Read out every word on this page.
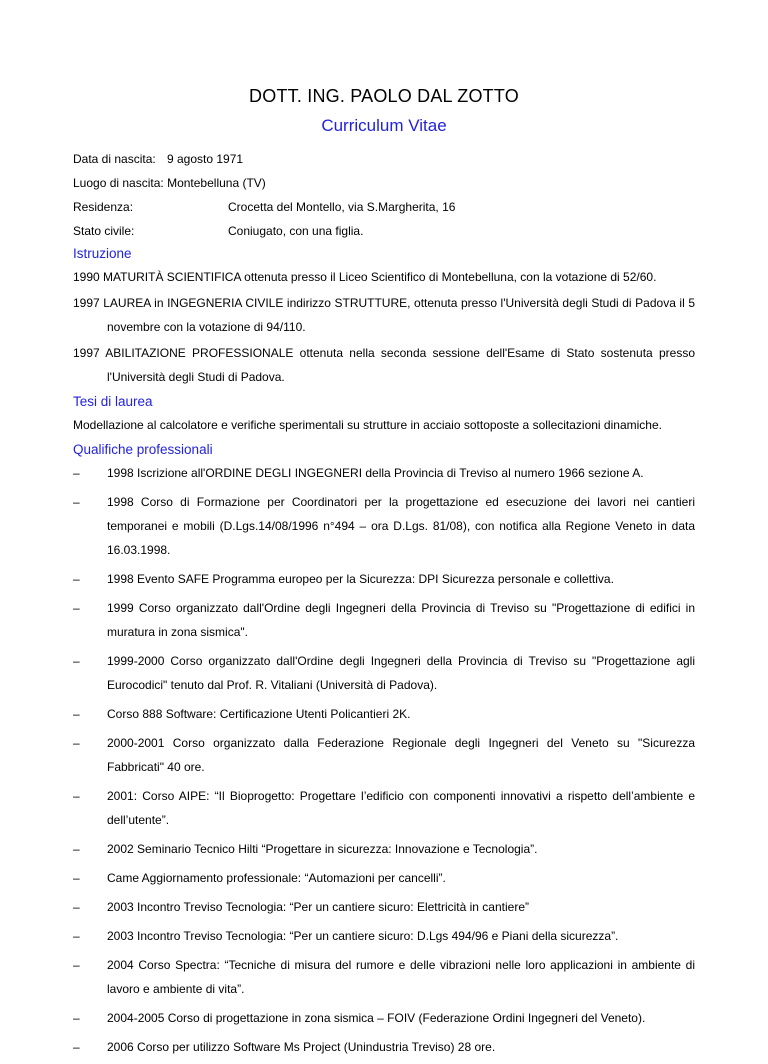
DOTT. ING. PAOLO DAL ZOTTO
Curriculum Vitae
Data di nascita: 9 agosto 1971
Luogo di nascita:
Montebelluna (TV)
Residenza:	Crocetta del Montello, via S.Margherita, 16
Stato civile:	Coniugato, con una figlia.
Istruzione

1990 MATURITÀ SCIENTIFICA ottenuta presso il Liceo Scientifico di Montebelluna, con la votazione di 52/60.

1997 LAUREA in INGEGNERIA CIVILE indirizzo STRUTTURE, ottenuta presso l'Università degli Studi di Padova il 5 novembre con la votazione di 94/110.

1997 ABILITAZIONE PROFESSIONALE ottenuta nella seconda sessione dell'Esame di Stato sostenuta presso l'Università degli Studi di Padova.

Tesi di laurea

Modellazione al calcolatore e verifiche sperimentali su strutture in acciaio sottoposte a sollecitazioni dinamiche.

Qualifiche professionali
–	1998 Iscrizione all'ORDINE DEGLI INGEGNERI della Provincia di Treviso al numero 1966 sezione A.
–	1998 Corso di Formazione per Coordinatori per la progettazione ed esecuzione dei lavori nei cantieri temporanei e mobili (D.Lgs.14/08/1996 n°494 – ora D.Lgs. 81/08), con notifica alla Regione Veneto in data 16.03.1998.
–	1998 Evento SAFE Programma europeo per la Sicurezza: DPI Sicurezza personale e collettiva.
–	1999 Corso organizzato dall'Ordine degli Ingegneri della Provincia di Treviso su "Progettazione di edifici in muratura in zona sismica".
–	1999-2000 Corso organizzato dall'Ordine degli Ingegneri della Provincia di Treviso su "Progettazione agli Eurocodici" tenuto dal Prof. R. Vitaliani (Università di Padova).
–	Corso 888 Software: Certificazione Utenti Policantieri 2K.
–	2000-2001 Corso organizzato dalla Federazione Regionale degli Ingegneri del Veneto su "Sicurezza Fabbricati" 40 ore.
–	2001: Corso AIPE: “Il Bioprogetto: Progettare l’edificio con componenti innovativi a rispetto dell’ambiente e dell’utente”.
–	2002 Seminario Tecnico Hilti “Progettare in sicurezza: Innovazione e Tecnologia”.
–	Came Aggiornamento professionale: “Automazioni per cancelli”.
–	2003 Incontro Treviso Tecnologia: “Per un cantiere sicuro: Elettricità in cantiere”
–	2003 Incontro Treviso Tecnologia: “Per un cantiere sicuro: D.Lgs 494/96 e Piani della sicurezza”.
–	2004 Corso Spectra: “Tecniche di misura del rumore e delle vibrazioni nelle loro applicazioni in ambiente di lavoro e ambiente di vita”.
–	2004-2005 Corso di progettazione in zona sismica – FOIV (Federazione Ordini Ingegneri del Veneto).
–	2006 Corso per utilizzo Software Ms Project (Unindustria Treviso) 28 ore.
